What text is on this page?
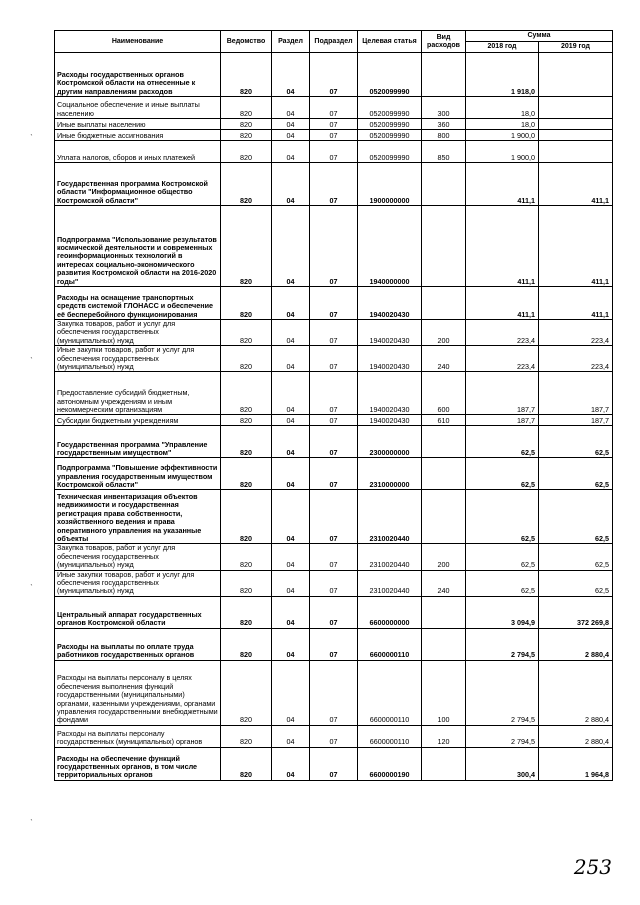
Наименование	Ведомство	Раздел	Подраздел	Целевая статья	Вид расходов	Сумма	
						2018 год	2019 год
Расходы государственных органов Костромской области на отнесенные к другим направлениям расходов	820	04	07	0520099990		1 918,0	
Социальное обеспечение и иные выплаты населению	820	04	07	0520099990	300	18,0	
Иные выплаты населению	820	04	07	0520099990	360	18,0	
Иные бюджетные ассигнования	820	04	07	0520099990	800	1 900,0	
Уплата налогов, сборов и иных платежей	820	04	07	0520099990	850	1 900,0	
Государственная программа Костромской области "Информационное общество Костромской области"	820	04	07	1900000000		411,1	411,1
Подпрограмма "Использование результатов космической деятельности и современных геоинформационных технологий в интересах социально-экономического развития Костромской области на 2016-2020 годы"	820	04	07	1940000000		411,1	411,1
Расходы на оснащение транспортных средств системой ГЛОНАСС и обеспечение её бесперебойного функционирования	820	04	07	1940020430		411,1	411,1
Закупка товаров, работ и услуг для обеспечения государственных (муниципальных) нужд	820	04	07	1940020430	200	223,4	223,4
Иные закупки товаров, работ и услуг для обеспечения государственных (муниципальных) нужд	820	04	07	1940020430	240	223,4	223,4
Предоставление субсидий бюджетным, автономным учреждениям и иным некоммерческим организациям	820	04	07	1940020430	600	187,7	187,7
Субсидии бюджетным учреждениям	820	04	07	1940020430	610	187,7	187,7
Государственная программа "Управление государственным имуществом"	820	04	07	2300000000		62,5	62,5
Подпрограмма "Повышение эффективности управления государственным имуществом Костромской области"	820	04	07	2310000000		62,5	62,5
Техническая инвентаризация объектов недвижимости и государственная регистрация права собственности, хозяйственного ведения и права оперативного управления на указанные объекты	820	04	07	2310020440		62,5	62,5
Закупка товаров, работ и услуг для обеспечения государственных (муниципальных) нужд	820	04	07	2310020440	200	62,5	62,5
Иные закупки товаров, работ и услуг для обеспечения государственных (муниципальных) нужд	820	04	07	2310020440	240	62,5	62,5
Центральный аппарат государственных органов Костромской области	820	04	07	6600000000		3 094,9	372 269,8
Расходы на выплаты по оплате труда работников государственных органов	820	04	07	6600000110		2 794,5	2 880,4
Расходы на выплаты персоналу в целях обеспечения выполнения функций государственными (муниципальными) органами, казенными учреждениями, органами управления государственными внебюджетными фондами	820	04	07	6600000110	100	2 794,5	2 880,4
Расходы на выплаты персоналу государственных (муниципальных) органов	820	04	07	6600000110	120	2 794,5	2 880,4
Расходы на обеспечение функций государственных органов, в том числе территориальных органов	820	04	07	6600000190		300,4	1 964,8
ˋ
ˋ
ˋ
ˋ
253
